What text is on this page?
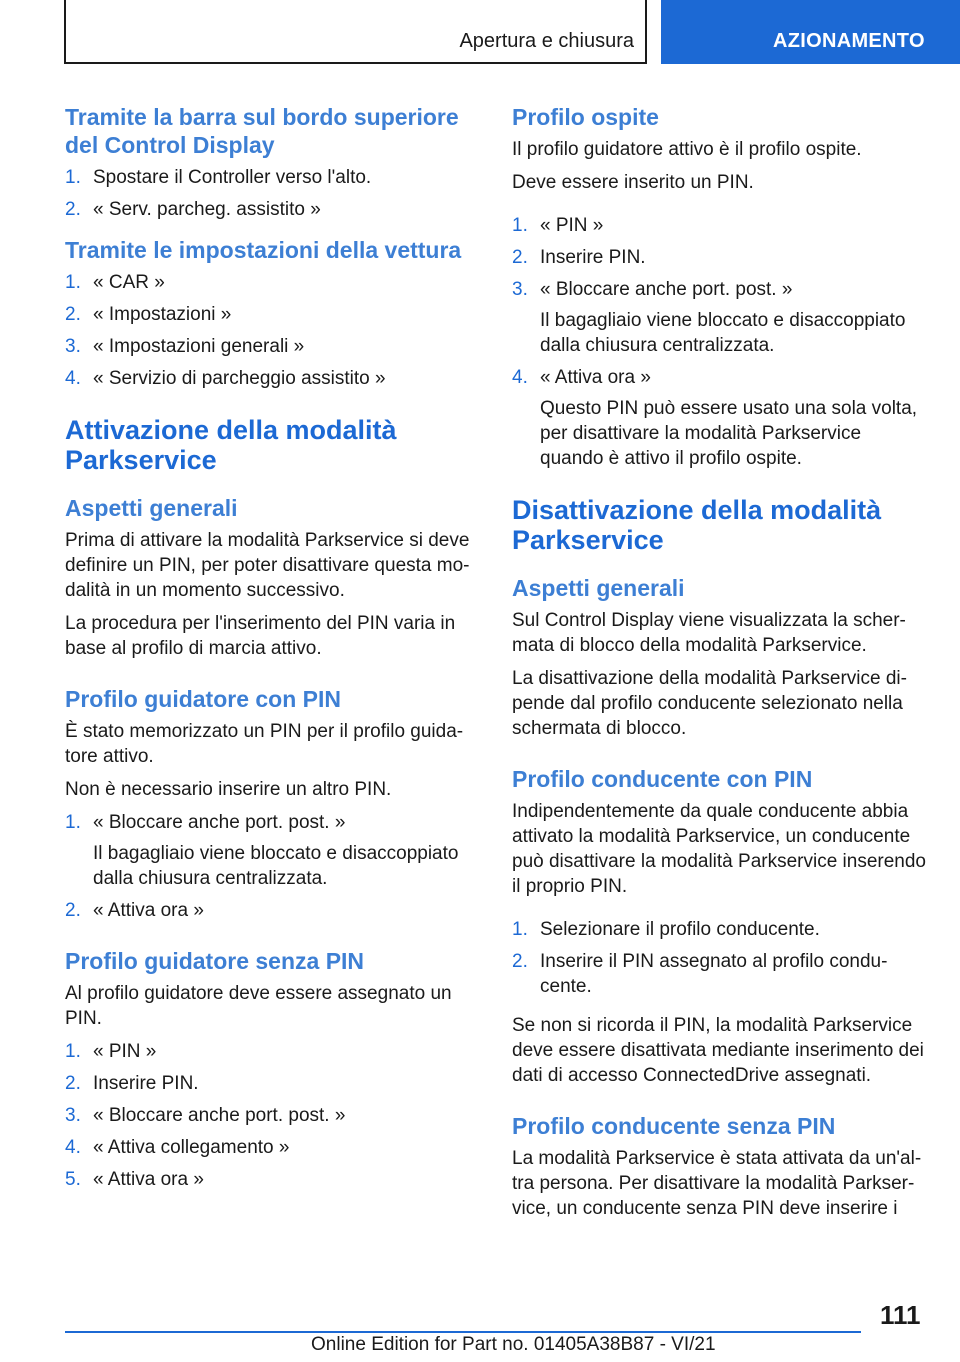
Apertura e chiusura	AZIONAMENTO
Tramite la barra sul bordo superiore del Control Display
1. Spostare il Controller verso l'alto.
2. « Serv. parcheg. assistito »
Tramite le impostazioni della vettura
1. « CAR »
2. « Impostazioni »
3. « Impostazioni generali »
4. « Servizio di parcheggio assistito »
Attivazione della modalità Parkservice
Aspetti generali
Prima di attivare la modalità Parkservice si deve definire un PIN, per poter disattivare questa mo-dalità in un momento successivo.
La procedura per l'inserimento del PIN varia in base al profilo di marcia attivo.
Profilo guidatore con PIN
È stato memorizzato un PIN per il profilo guida-tore attivo.
Non è necessario inserire un altro PIN.
1. « Bloccare anche port. post. »
Il bagagliaio viene bloccato e disaccoppiato dalla chiusura centralizzata.
2. « Attiva ora »
Profilo guidatore senza PIN
Al profilo guidatore deve essere assegnato un PIN.
1. « PIN »
2. Inserire PIN.
3. « Bloccare anche port. post. »
4. « Attiva collegamento »
5. « Attiva ora »
Profilo ospite
Il profilo guidatore attivo è il profilo ospite.
Deve essere inserito un PIN.
1. « PIN »
2. Inserire PIN.
3. « Bloccare anche port. post. »
Il bagagliaio viene bloccato e disaccoppiato dalla chiusura centralizzata.
4. « Attiva ora »
Questo PIN può essere usato una sola volta, per disattivare la modalità Parkservice quando è attivo il profilo ospite.
Disattivazione della modalità Parkservice
Aspetti generali
Sul Control Display viene visualizzata la scher-mata di blocco della modalità Parkservice.
La disattivazione della modalità Parkservice di-pende dal profilo conducente selezionato nella schermata di blocco.
Profilo conducente con PIN
Indipendentemente da quale conducente abbia attivato la modalità Parkservice, un conducente può disattivare la modalità Parkservice inserendo il proprio PIN.
1. Selezionare il profilo conducente.
2. Inserire il PIN assegnato al profilo condu-cente.
Se non si ricorda il PIN, la modalità Parkservice deve essere disattivata mediante inserimento dei dati di accesso ConnectedDrive assegnati.
Profilo conducente senza PIN
La modalità Parkservice è stata attivata da un'al-tra persona. Per disattivare la modalità Parkser-vice, un conducente senza PIN deve inserire i
111
Online Edition for Part no. 01405A38B87 - VI/21
